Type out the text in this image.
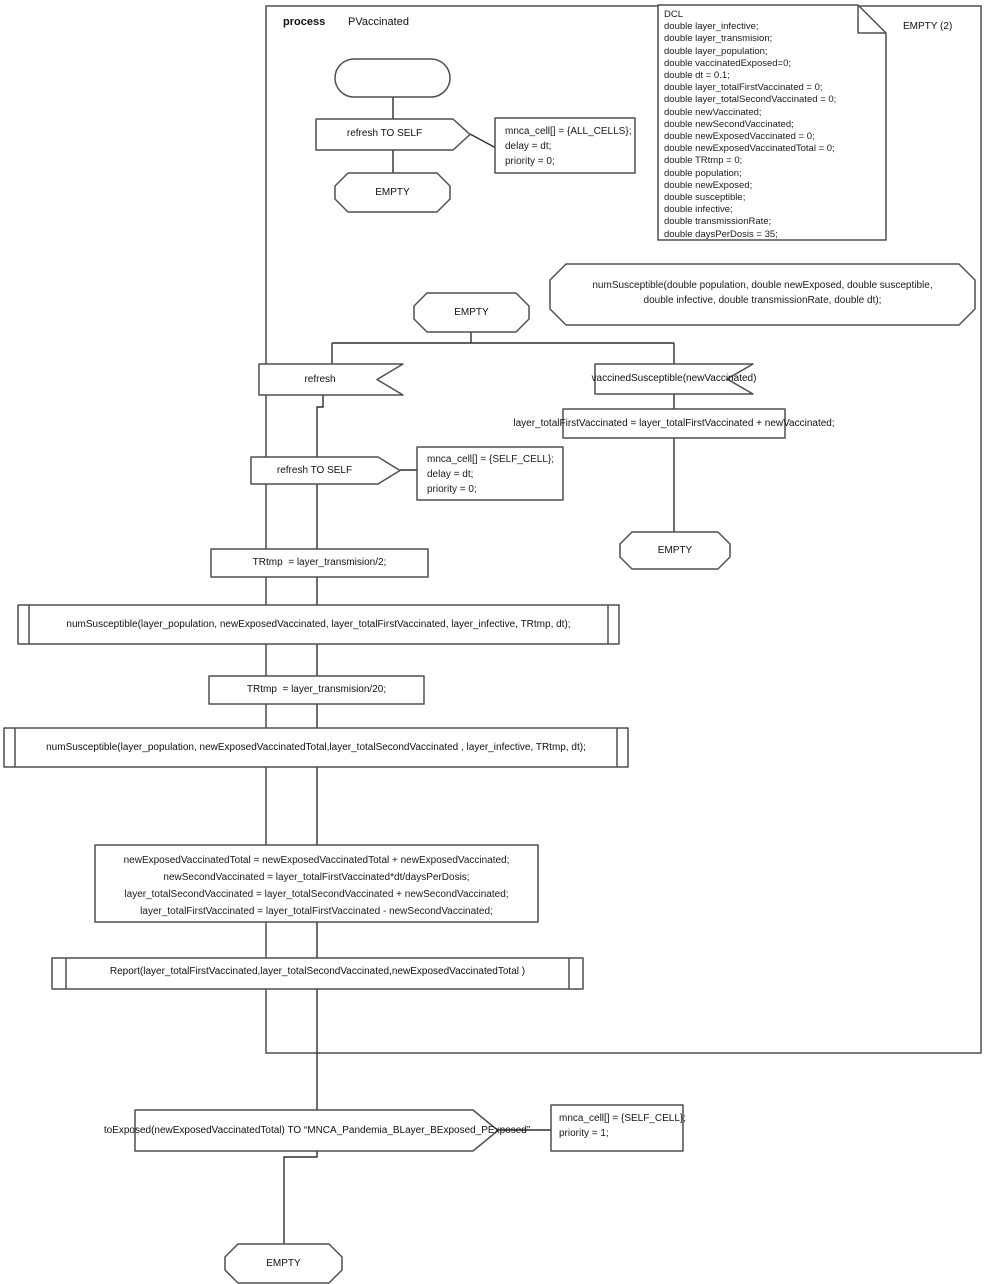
process PVaccinated
refresh TO SELF	mnca_cell[] = {ALL_CELLS};
delay = dt;
priority = 0;
EMPTY
DCL
double layer_infective;
double layer_transmision;
double layer_population;
double vaccinatedExposed=0;
double dt = 0.1;
double layer_totalFirstVaccinated = 0;
double layer_totalSecondVaccinated = 0;
double newVaccinated;
double newSecondVaccinated;
double newExposedVaccinated = 0;
double newExposedVaccinatedTotal = 0;
double TRtmp = 0;
double population;
double newExposed;
double susceptible;
double infective;
double transmissionRate;
double daysPerDosis = 35;
EMPTY (2)
numSusceptible(double population, double newExposed, double susceptible,
double infective, double transmissionRate, double dt);
EMPTY
refresh	vaccinedSusceptible(newVaccinated)
layer_totalFirstVaccinated = layer_totalFirstVaccinated + newVaccinated;
EMPTY
refresh TO SELF
mnca_cell[] = {SELF_CELL};
delay = dt;
priority = 0;
TRtmp  = layer_transmision/2;
numSusceptible(layer_population, newExposedVaccinated, layer_totalFirstVaccinated, layer_infective, TRtmp, dt);
TRtmp  = layer_transmision/20;
numSusceptible(layer_population, newExposedVaccinatedTotal,layer_totalSecondVaccinated , layer_infective, TRtmp, dt);
newExposedVaccinatedTotal = newExposedVaccinatedTotal + newExposedVaccinated;
newSecondVaccinated = layer_totalFirstVaccinated*dt/daysPerDosis;
layer_totalSecondVaccinated = layer_totalSecondVaccinated + newSecondVaccinated;
layer_totalFirstVaccinated = layer_totalFirstVaccinated - newSecondVaccinated;
Report(layer_totalFirstVaccinated,layer_totalSecondVaccinated,newExposedVaccinatedTotal )
toExposed(newExposedVaccinatedTotal) TO “MNCA_Pandemia_BLayer_BExposed_PExposed”
mnca_cell[] = {SELF_CELL};
priority = 1;
EMPTY
